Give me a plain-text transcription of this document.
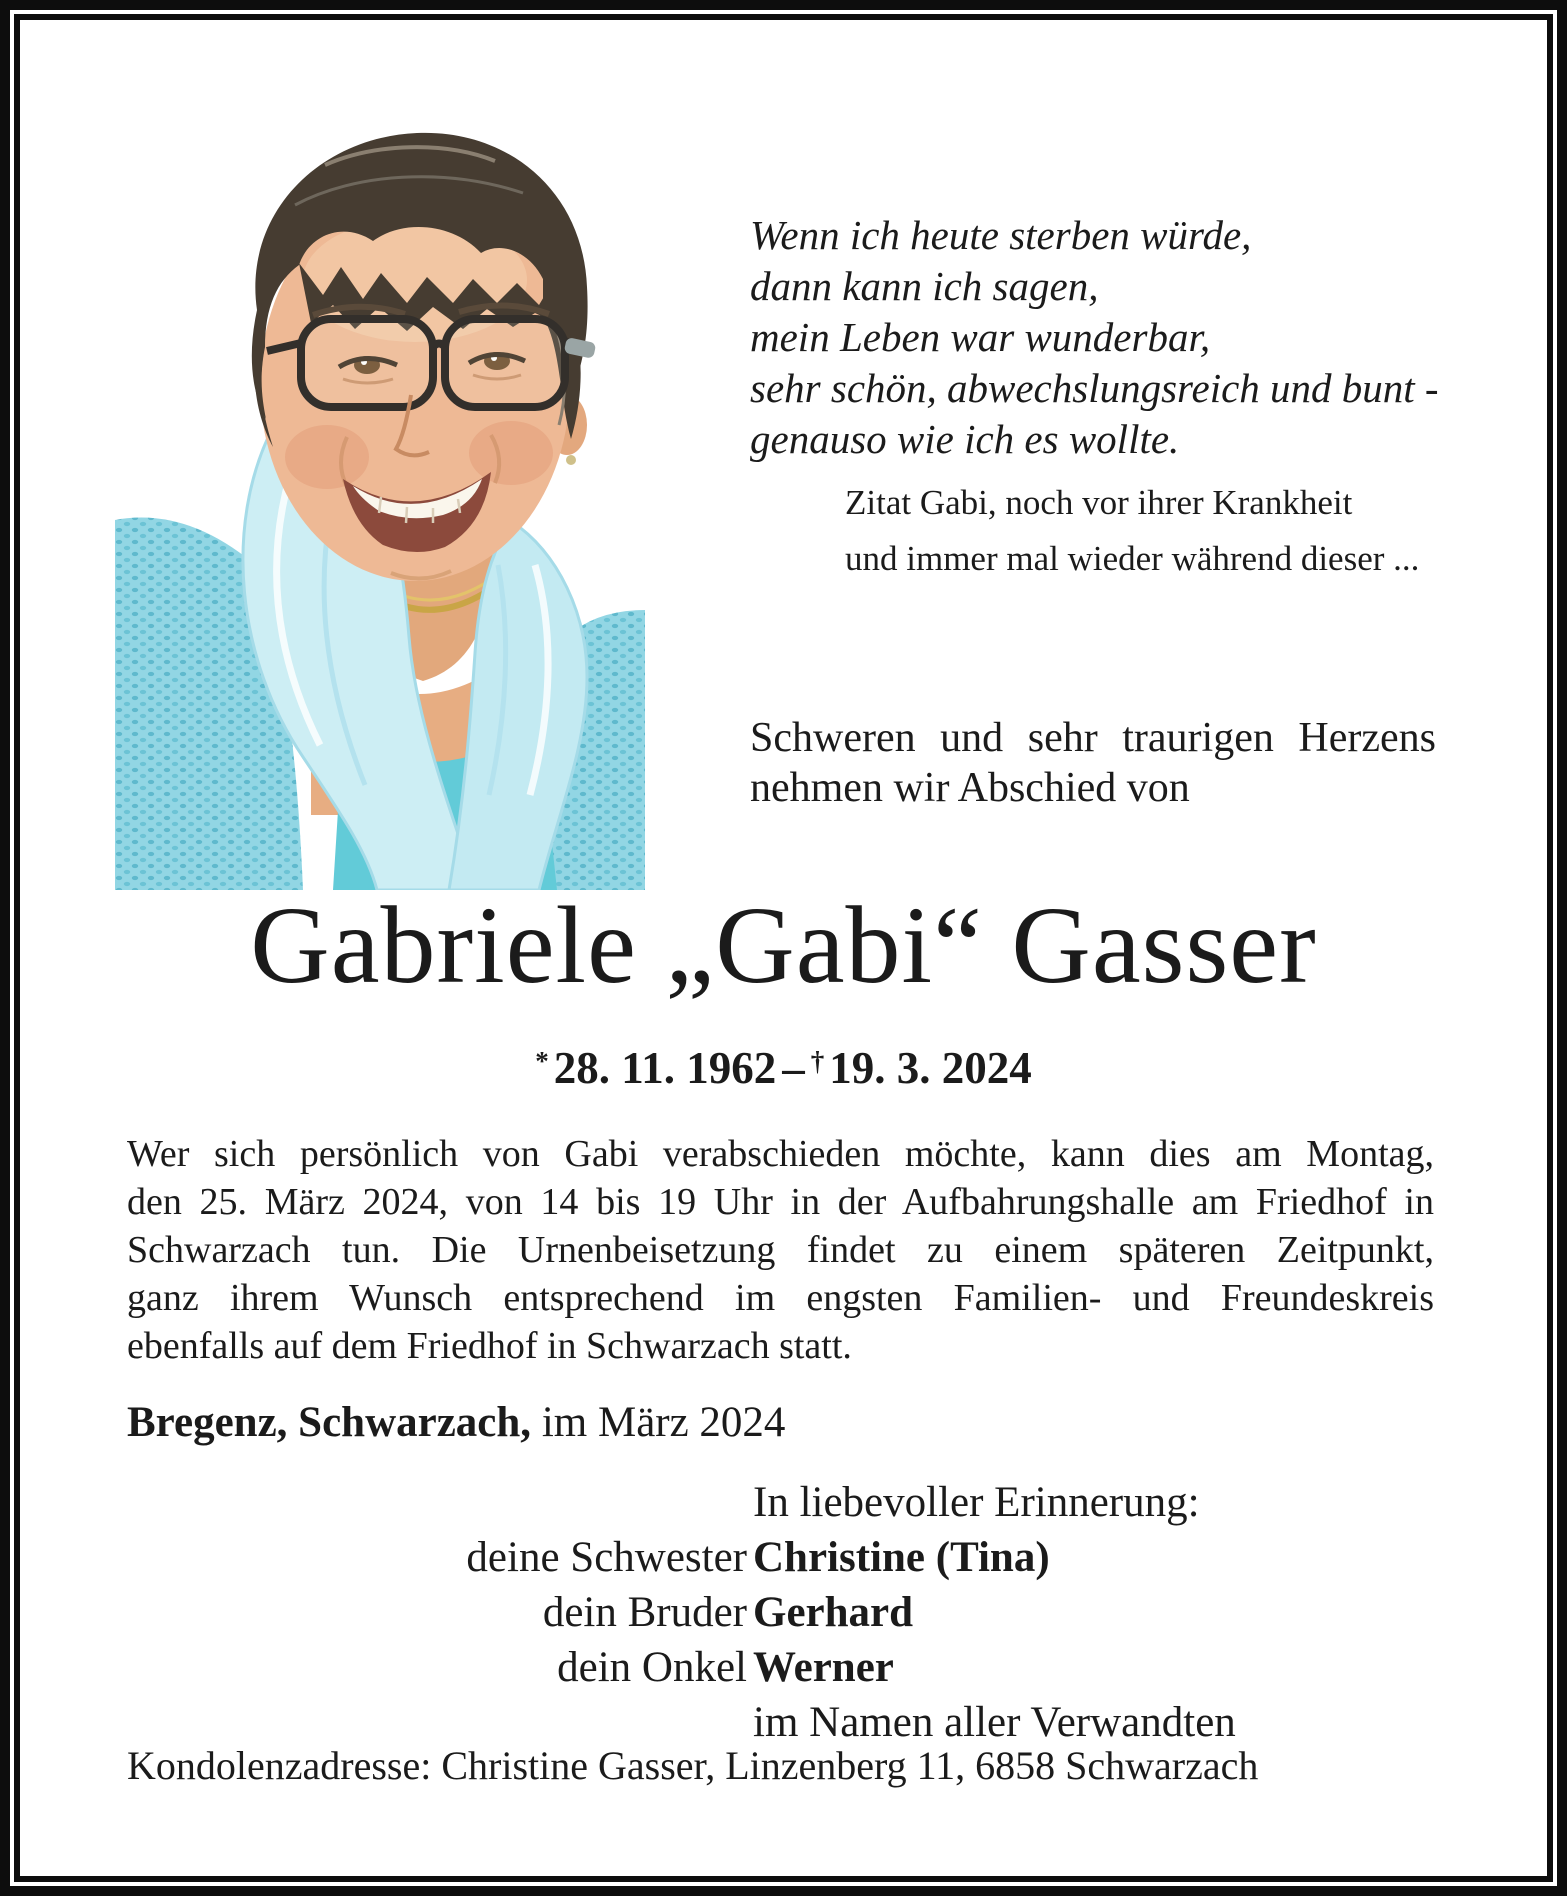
Wenn ich heute sterben würde,
dann kann ich sagen,
mein Leben war wunderbar,
sehr schön, abwechslungsreich und bunt -
genauso wie ich es wollte.
Zitat Gabi, noch vor ihrer Krankheit
und immer mal wieder während dieser ...
Schweren und sehr traurigen Herzens
nehmen wir Abschied von
Gabriele „Gabi“ Gasser
* 28. 11. 1962 – † 19. 3. 2024
Wer sich persönlich von Gabi verabschieden möchte, kann dies am Montag,
den 25. März 2024, von 14 bis 19 Uhr in der Aufbahrungshalle am Friedhof in
Schwarzach tun. Die Urnenbeisetzung findet zu einem späteren Zeitpunkt,
ganz ihrem Wunsch entsprechend im engsten Familien- und Freundeskreis
ebenfalls auf dem Friedhof in Schwarzach statt.
Bregenz, Schwarzach, im März 2024
In liebevoller Erinnerung:
deine Schwester Christine (Tina)
dein Bruder Gerhard
dein Onkel Werner
im Namen aller Verwandten
Kondolenzadresse: Christine Gasser, Linzenberg 11, 6858 Schwarzach
